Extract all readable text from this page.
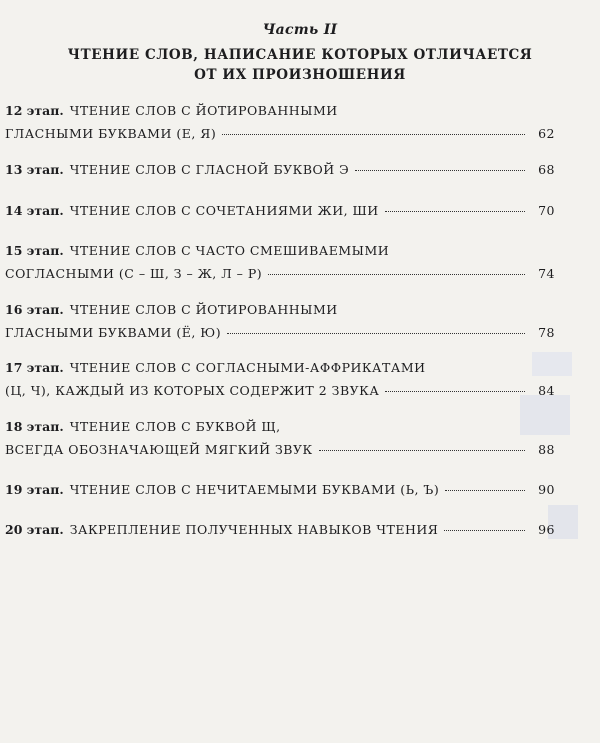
Часть II
ЧТЕНИЕ СЛОВ, НАПИСАНИЕ КОТОРЫХ ОТЛИЧАЕТСЯ
ОТ ИХ ПРОИЗНОШЕНИЯ
12 этап. ЧТЕНИЕ СЛОВ С ЙОТИРОВАННЫМИ
ГЛАСНЫМИ БУКВАМИ (Е, Я)	62
13 этап. ЧТЕНИЕ СЛОВ С ГЛАСНОЙ БУКВОЙ Э	68
14 этап. ЧТЕНИЕ СЛОВ С СОЧЕТАНИЯМИ ЖИ, ШИ	70
15 этап. ЧТЕНИЕ СЛОВ С ЧАСТО СМЕШИВАЕМЫМИ
СОГЛАСНЫМИ (С – Ш, З – Ж, Л – Р)	74
16 этап. ЧТЕНИЕ СЛОВ С ЙОТИРОВАННЫМИ
ГЛАСНЫМИ БУКВАМИ (Ё, Ю)	78
17 этап. ЧТЕНИЕ СЛОВ С СОГЛАСНЫМИ-АФФРИКАТАМИ
(Ц, Ч), КАЖДЫЙ ИЗ КОТОРЫХ СОДЕРЖИТ 2 ЗВУКА	84
18 этап. ЧТЕНИЕ СЛОВ С БУКВОЙ Щ,
ВСЕГДА ОБОЗНАЧАЮЩЕЙ МЯГКИЙ ЗВУК	88
19 этап. ЧТЕНИЕ СЛОВ С НЕЧИТАЕМЫМИ БУКВАМИ (Ь, Ъ)	90
20 этап. ЗАКРЕПЛЕНИЕ ПОЛУЧЕННЫХ НАВЫКОВ ЧТЕНИЯ	96
